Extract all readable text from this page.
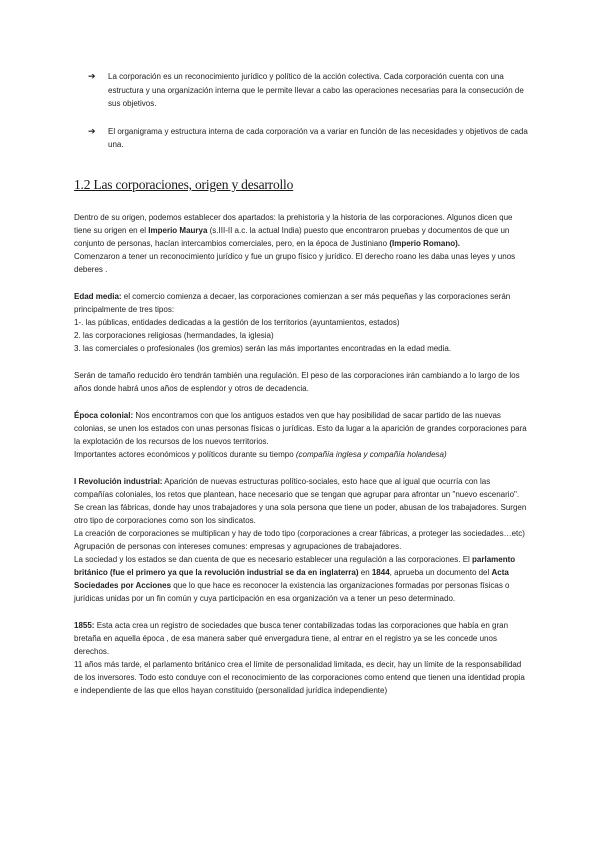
➔ La corporación es un reconocimiento jurídico y político de la acción colectiva. Cada corporación cuenta con una estructura y una organización interna que le permite llevar a cabo las operaciones necesarias para la consecución de sus objetivos.
➔ El organigrama y estructura interna de cada corporación va a variar en función de las necesidades y objetivos de cada una.
1.2 Las corporaciones, origen y desarrollo

Dentro de su origen, podemos establecer dos apartados: la prehistoria y la historia de las corporaciones. Algunos dicen que tiene su origen en el Imperio Maurya (s.III-II a.c. la actual India) puesto que encontraron pruebas y documentos de que un conjunto de personas, hacían intercambios comerciales, pero, en la época de Justiniano (Imperio Romano).

Comenzaron a tener un reconocimiento jurídico y fue un grupo físico y jurídico. El derecho roano les daba unas leyes y unos deberes .

Edad media: el comercio comienza a decaer, las corporaciones comienzan a ser más pequeñas y las corporaciones serán principalmente de tres tipos:
1-. las públicas, entidades dedicadas a la gestión de los territorios (ayuntamientos, estados)
2. las corporaciones religiosas (hermandades, la iglesia)
3. las comerciales o profesionales (los gremios) serán las más importantes encontradas en la edad media.

Serán de tamaño reducido èro tendrán también una regulación. El peso de las corporaciones irán cambiando a lo largo de los años donde habrá unos años de esplendor y otros de decadencia.

Época colonial: Nos encontramos con que los antiguos estados ven que hay posibilidad de sacar partido de las nuevas colonias, se unen los estados con unas personas físicas o jurídicas. Esto da lugar a la aparición de grandes corporaciones para la explotación de los recursos de los nuevos territorios.
Importantes actores económicos y políticos durante su tiempo (compañía inglesa y compañía holandesa)

I Revolución industrial: Aparición de nuevas estructuras político-sociales, esto hace que al igual que ocurría con las compañías coloniales, los retos que plantean, hace necesario que se tengan que agrupar para afrontar un "nuevo escenario". Se crean las fábricas, donde hay unos trabajadores y una sola persona que tiene un poder, abusan de los trabajadores. Surgen otro tipo de corporaciones como son los sindicatos.
La creación de corporaciones se multiplican y hay de todo tipo (corporaciones a crear fábricas, a proteger las sociedades…etc) Agrupación de personas con intereses comunes: empresas y agrupaciones de trabajadores.
La sociedad y los estados se dan cuenta de que es necesario establecer una regulación a las corporaciones. El parlamento británico (fue el primero ya que la revolución industrial se da en inglaterra) en 1844, aprueba un documento del Acta Sociedades por Acciones que lo que hace es reconocer la existencia las organizaciones formadas por personas físicas o jurídicas unidas por un fin común y cuya participación en esa organización va a tener un peso determinado.

1855: Esta acta crea un registro de sociedades que busca tener contabilizadas todas las corporaciones que había en gran bretaña en aquella época , de esa manera saber qué envergadura tiene, al entrar en el registro ya se les concede unos derechos.
11 años más tarde, el parlamento británico crea el límite de personalidad limitada, es decir, hay un límite de la responsabilidad de los inversores. Todo esto conduye con el reconocimiento de las corporaciones como entend que tienen una identidad propia e independiente de las que ellos hayan constituido (personalidad jurídica independiente)
